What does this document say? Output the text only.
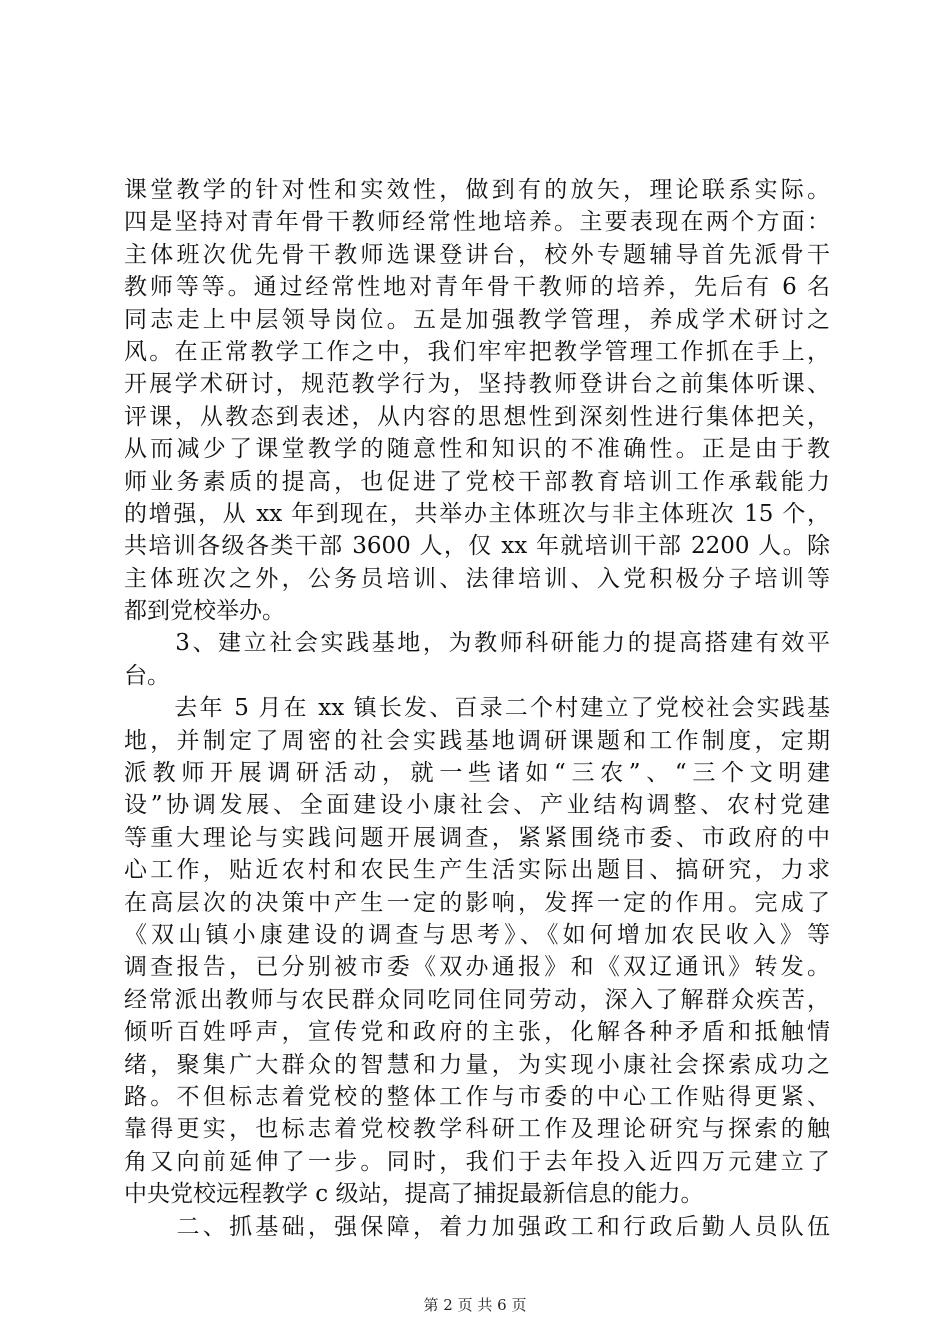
课堂教学的针对性和实效性，做到有的放矢，理论联系实际。
四是坚持对青年骨干教师经常性地培养。主要表现在两个方面：
主体班次优先骨干教师选课登讲台，校外专题辅导首先派骨干
教师等等。通过经常性地对青年骨干教师的培养，先后有 6 名
同志走上中层领导岗位。五是加强教学管理，养成学术研讨之
风。在正常教学工作之中，我们牢牢把教学管理工作抓在手上，
开展学术研讨，规范教学行为，坚持教师登讲台之前集体听课、
评课，从教态到表述，从内容的思想性到深刻性进行集体把关，
从而减少了课堂教学的随意性和知识的不准确性。正是由于教
师业务素质的提高，也促进了党校干部教育培训工作承载能力
的增强，从 xx 年到现在，共举办主体班次与非主体班次 15 个，
共培训各级各类干部 3600 人，仅 xx 年就培训干部 2200 人。除
主体班次之外，公务员培训、法律培训、入党积极分子培训等
都到党校举办。
　　3、建立社会实践基地，为教师科研能力的提高搭建有效平
台。
　　去年 5 月在 xx 镇长发、百录二个村建立了党校社会实践基
地，并制定了周密的社会实践基地调研课题和工作制度，定期
派教师开展调研活动，就一些诸如“三农”、“三个文明建
设”协调发展、全面建设小康社会、产业结构调整、农村党建
等重大理论与实践问题开展调查，紧紧围绕市委、市政府的中
心工作，贴近农村和农民生产生活实际出题目、搞研究，力求
在高层次的决策中产生一定的影响，发挥一定的作用。完成了
《双山镇小康建设的调查与思考》、《如何增加农民收入》等
调查报告，已分别被市委《双办通报》和《双辽通讯》转发。
经常派出教师与农民群众同吃同住同劳动，深入了解群众疾苦，
倾听百姓呼声，宣传党和政府的主张，化解各种矛盾和抵触情
绪，聚集广大群众的智慧和力量，为实现小康社会探索成功之
路。不但标志着党校的整体工作与市委的中心工作贴得更紧、
靠得更实，也标志着党校教学科研工作及理论研究与探索的触
角又向前延伸了一步。同时，我们于去年投入近四万元建立了
中央党校远程教学 c 级站，提高了捕捉最新信息的能力。
　　二、抓基础，强保障，着力加强政工和行政后勤人员队伍
第 2 页 共 6 页
